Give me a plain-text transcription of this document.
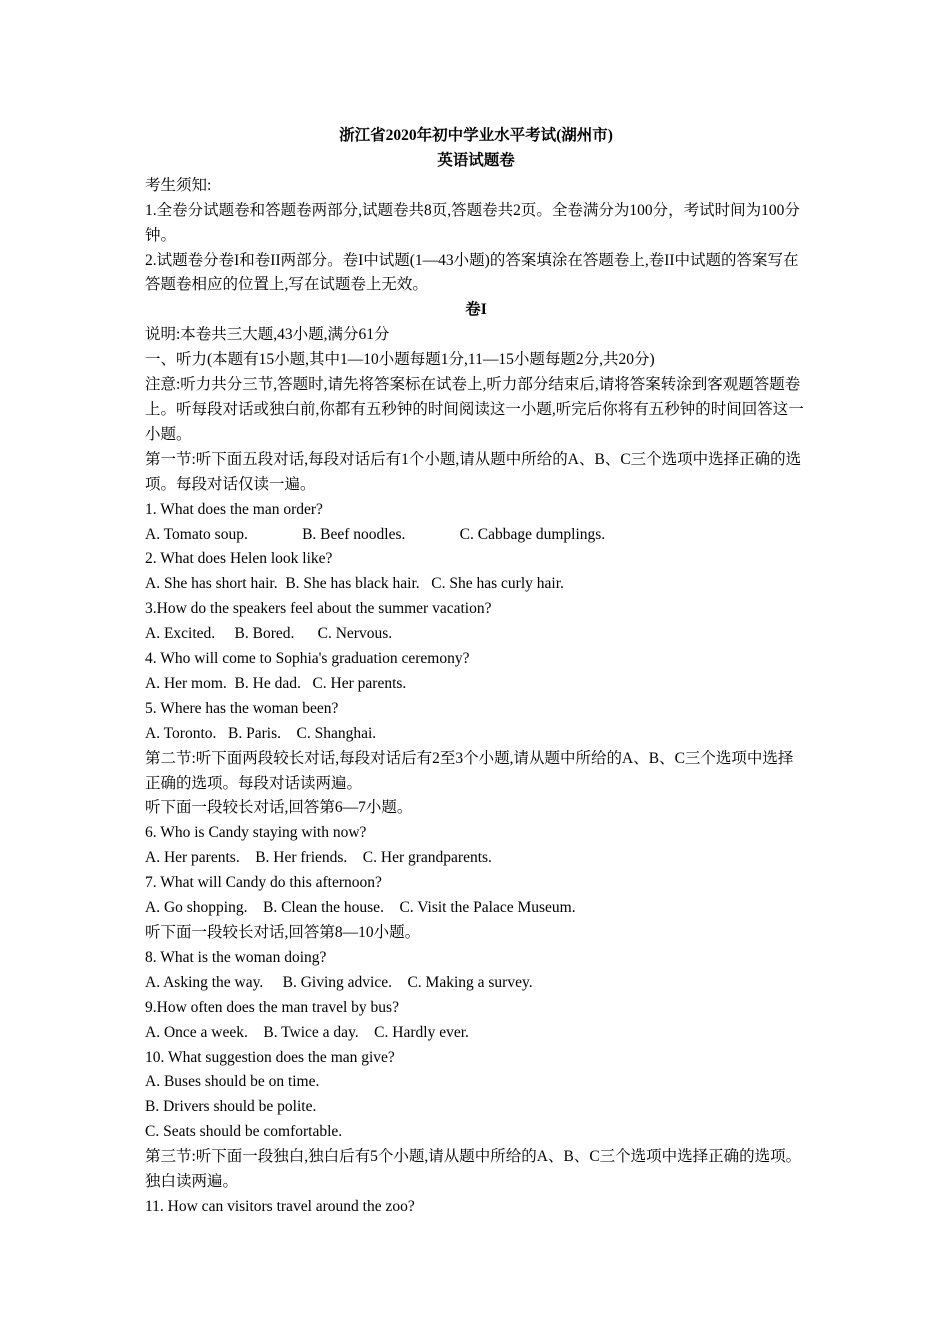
浙江省2020年初中学业水平考试(湖州市)

英语试题卷

考生须知:

1.全卷分试题卷和答题卷两部分,试题卷共8页,答题卷共2页。全卷满分为100分，考试时间为100分钟。

2.试题卷分卷I和卷II两部分。卷I中试题(1—43小题)的答案填涂在答题卷上,卷II中试题的答案写在答题卷相应的位置上,写在试题卷上无效。

卷I

说明:本卷共三大题,43小题,满分61分

一、听力(本题有15小题,其中1—10小题每题1分,11—15小题每题2分,共20分)

注意:听力共分三节,答题时,请先将答案标在试卷上,听力部分结束后,请将答案转涂到客观题答题卷上。听每段对话或独白前,你都有五秒钟的时间阅读这一小题,听完后你将有五秒钟的时间回答这一小题。

第一节:听下面五段对话,每段对话后有1个小题,请从题中所给的A、B、C三个选项中选择正确的选项。每段对话仅读一遍。

1. What does the man order?

A. Tomato soup.              B. Beef noodles.              C. Cabbage dumplings.

2. What does Helen look like?

A. She has short hair.  B. She has black hair.   C. She has curly hair.

3.How do the speakers feel about the summer vacation?

A. Excited.     B. Bored.      C. Nervous.

4. Who will come to Sophia's graduation ceremony?

A. Her mom.  B. He dad.   C. Her parents.

5. Where has the woman been?

A. Toronto.   B. Paris.    C. Shanghai.

第二节:听下面两段较长对话,每段对话后有2至3个小题,请从题中所给的A、B、C三个选项中选择正确的选项。每段对话读两遍。

听下面一段较长对话,回答第6—7小题。

6. Who is Candy staying with now?

A. Her parents.    B. Her friends.    C. Her grandparents.

7. What will Candy do this afternoon?

A. Go shopping.    B. Clean the house.    C. Visit the Palace Museum.

听下面一段较长对话,回答第8—10小题。

8. What is the woman doing?

A. Asking the way.     B. Giving advice.    C. Making a survey.

9.How often does the man travel by bus?

A. Once a week.    B. Twice a day.    C. Hardly ever.

10. What suggestion does the man give?

A. Buses should be on time.

B. Drivers should be polite.

C. Seats should be comfortable.

第三节:听下面一段独白,独白后有5个小题,请从题中所给的A、B、C三个选项中选择正确的选项。独白读两遍。

11. How can visitors travel around the zoo?
